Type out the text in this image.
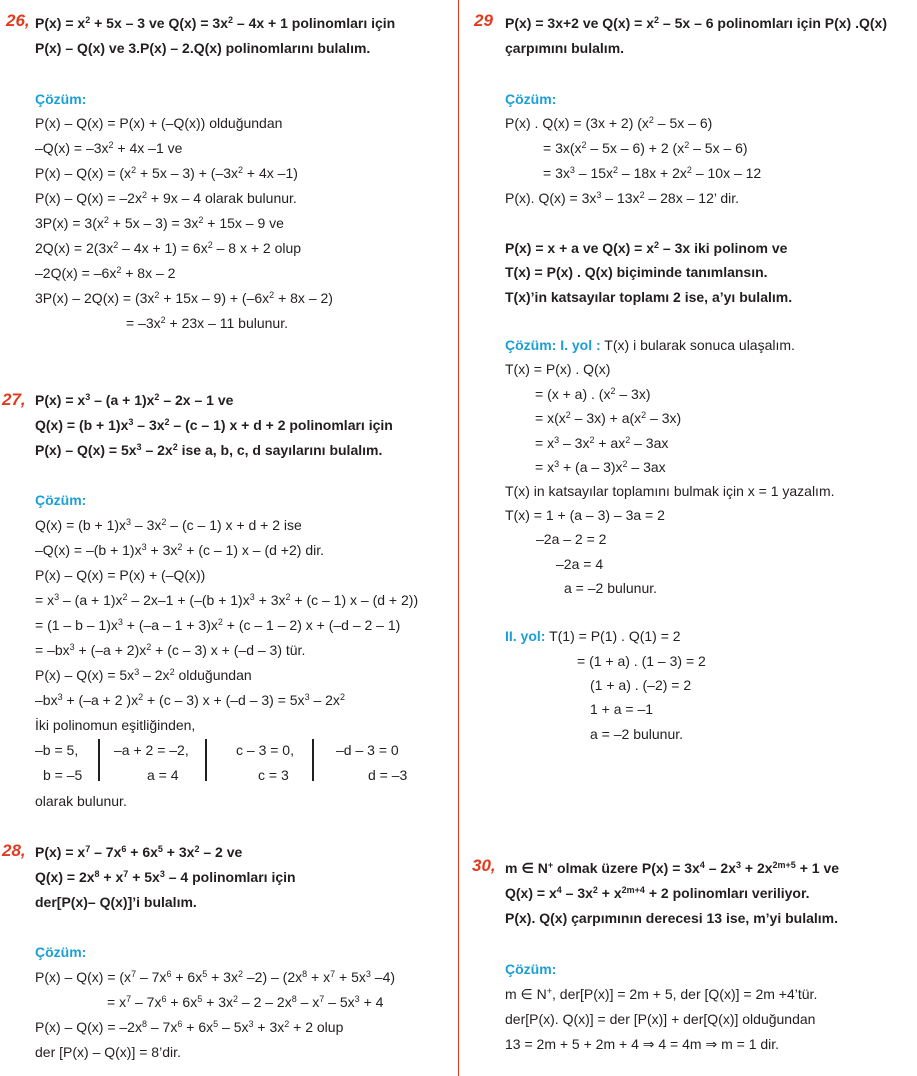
26, $P(x) = x^2 + 5x - 3$ ve $Q(x) = 3x^2 - 4x + 1$ polinomları için
P(x) – Q(x) ve 3.P(x) – 2.Q(x) polinomlarını bulalım.
Çözüm:
P(x) – Q(x) = P(x) + (–Q(x)) olduğundan
$-Q(x) = -3x^2 + 4x$ –1 ve
$P(x) - Q(x) = (x^2 + 5x - 3) + (-3x^2 + 4x$ –1)
$P(x) - Q(x) = -2x^2 + 9x - 4$ olarak bulunur.
$3P(x) = 3(x^2 + 5x - 3) = 3x^2 + 15x - 9$ ve
$2Q(x) = 2(3x^2 - 4x + 1) = 6x^2 - 8$ x + 2 olup
$-2Q(x) = -6x^2 + 8x - 2$
$3P(x) - 2Q(x) = (3x^2 + 15x - 9) + (-6x^2 + 8x - 2)$
= $-3x^2 + 23x - 11$ bulunur.
27, $P(x) = x^3 - (a + 1)x^2 - 2x - 1$ ve
$Q(x) = (b + 1)x^3 - 3x^2 - (c - 1)$ x + d + 2 polinomları için
$P(x) - Q(x) = 5x^3 - 2x^2$ ise a, b, c, d sayılarını bulalım.
Çözüm:
$Q(x) = (b + 1)x^3 - 3x^2 - (c - 1)$ x + d + 2 ise
$-Q(x) = -(b + 1)x^3 + 3x^2 + (c - 1)$ x – (d +2) dir.
P(x) – Q(x) = P(x) + (–Q(x))
= $x^3 - (a + 1)x^2 - 2x-1 + (-(b + 1)x^3 + 3x^2 + (c - 1)$ x – (d + 2))
= $(1 - b - 1)x^3 + (-a - 1 + 3)x^2 + (c - 1 - 2)$ x + (–d – 2 – 1)
= $-bx^3 + (-a + 2)x^2 + (c - 3) x + (-d - 3)$ tür.
$P(x) - Q(x) = 5x^3 - 2x^2$ olduğundan
$-bx^3 + (-a + 2$ )$x^2 + (c - 3)$ $x + (-d - 3) = 5x^3 - 2x^2$
İki polinomun eşitliğinden,
–b = 5,
b = –5
–a + 2 = –2,
a = 4
c – 3 = 0,
c = 3
–d – 3 = 0
d = –3
olarak bulunur.
28, $P(x) = x^7 - 7x^6 + 6x^5 + 3x^2 - 2$ ve
$Q(x) = 2x^8 + x^7 + 5x^3 - 4$ polinomları için
der[P(x)– Q(x)]’i bulalım.
Çözüm:
$P(x) - Q(x) = (x^7 - 7x^6 + 6x^5 + 3x^2$ $-2) - (2x^8 + x^7 + 5x^3$ –4)
= $x^7 - 7x^6 + 6x^5 + 3x^2 - 2 - 2x^8 - x^7 - 5x^3 + 4$
$P(x) - Q(x) = -2x^8 - 7x^6 + 6x^5 - 5x^3 + 3x^2 + 2$ olup
der [P(x) – Q(x)] = 8’dir.
29 P(x) = 3x+2 ve $Q(x) = x^2 - 5x - 6$ polinomları için P(x) .Q(x)
çarpımını bulalım.
Çözüm:
P(x) . Q(x) = (3x + 2) $(x^2 - 5x - 6)$
= $3x(x^2 - 5x - 6) + 2$ $(x^2 - 5x - 6)$
= $3x^3 - 15x^2 - 18x + 2x^2 - 10x - 12$
P(x). $Q(x) = 3x^3 - 13x^2 - 28x - 12$’ dir.
P(x) = x + a ve $Q(x) = x^2 - 3x$ iki polinom ve
T(x) = P(x) . Q(x) biçiminde tanımlansın.
T(x)’in katsayılar toplamı 2 ise, a’yı bulalım.
Çözüm: I. yol : T(x) i bularak sonuca ulaşalım.
T(x) = P(x) . Q(x)
= (x + a) . $(x^2 - 3x)$
= $x(x^2 - 3x) + a(x^2 - 3x)$
= $x^3 - 3x^2 + ax^2 - 3ax$
= $x^3 + (a - 3)x^2 - 3ax$
T(x) in katsayılar toplamını bulmak için x = 1 yazalım.
T(x) = 1 + (a – 3) – 3a = 2
–2a – 2 = 2
–2a = 4
a = –2 bulunur.
II. yol: T(1) = P(1) . Q(1) = 2
= (1 + a) . (1 – 3) = 2
(1 + a) . (–2) = 2
1 + a = –1
a = –2 bulunur.
30, m ∈ N+ olmak üzere $P(x) = 3x^4 - 2x^3 + 2x^{2m+5} + 1$ ve
$Q(x) = x^4 - 3x^2 + x^{2m+4} + 2$ polinomları veriliyor.
P(x). Q(x) çarpımının derecesi 13 ise, m’yi bulalım.
Çözüm:
m ∈ N+, der[P(x)] = 2m + 5, der [Q(x)] = 2m +4’tür.
der[P(x). Q(x)] = der [P(x)] + der[Q(x)] olduğundan
13 = 2m + 5 + 2m + 4 ⇒ 4 = 4m ⇒ m = 1 dir.
